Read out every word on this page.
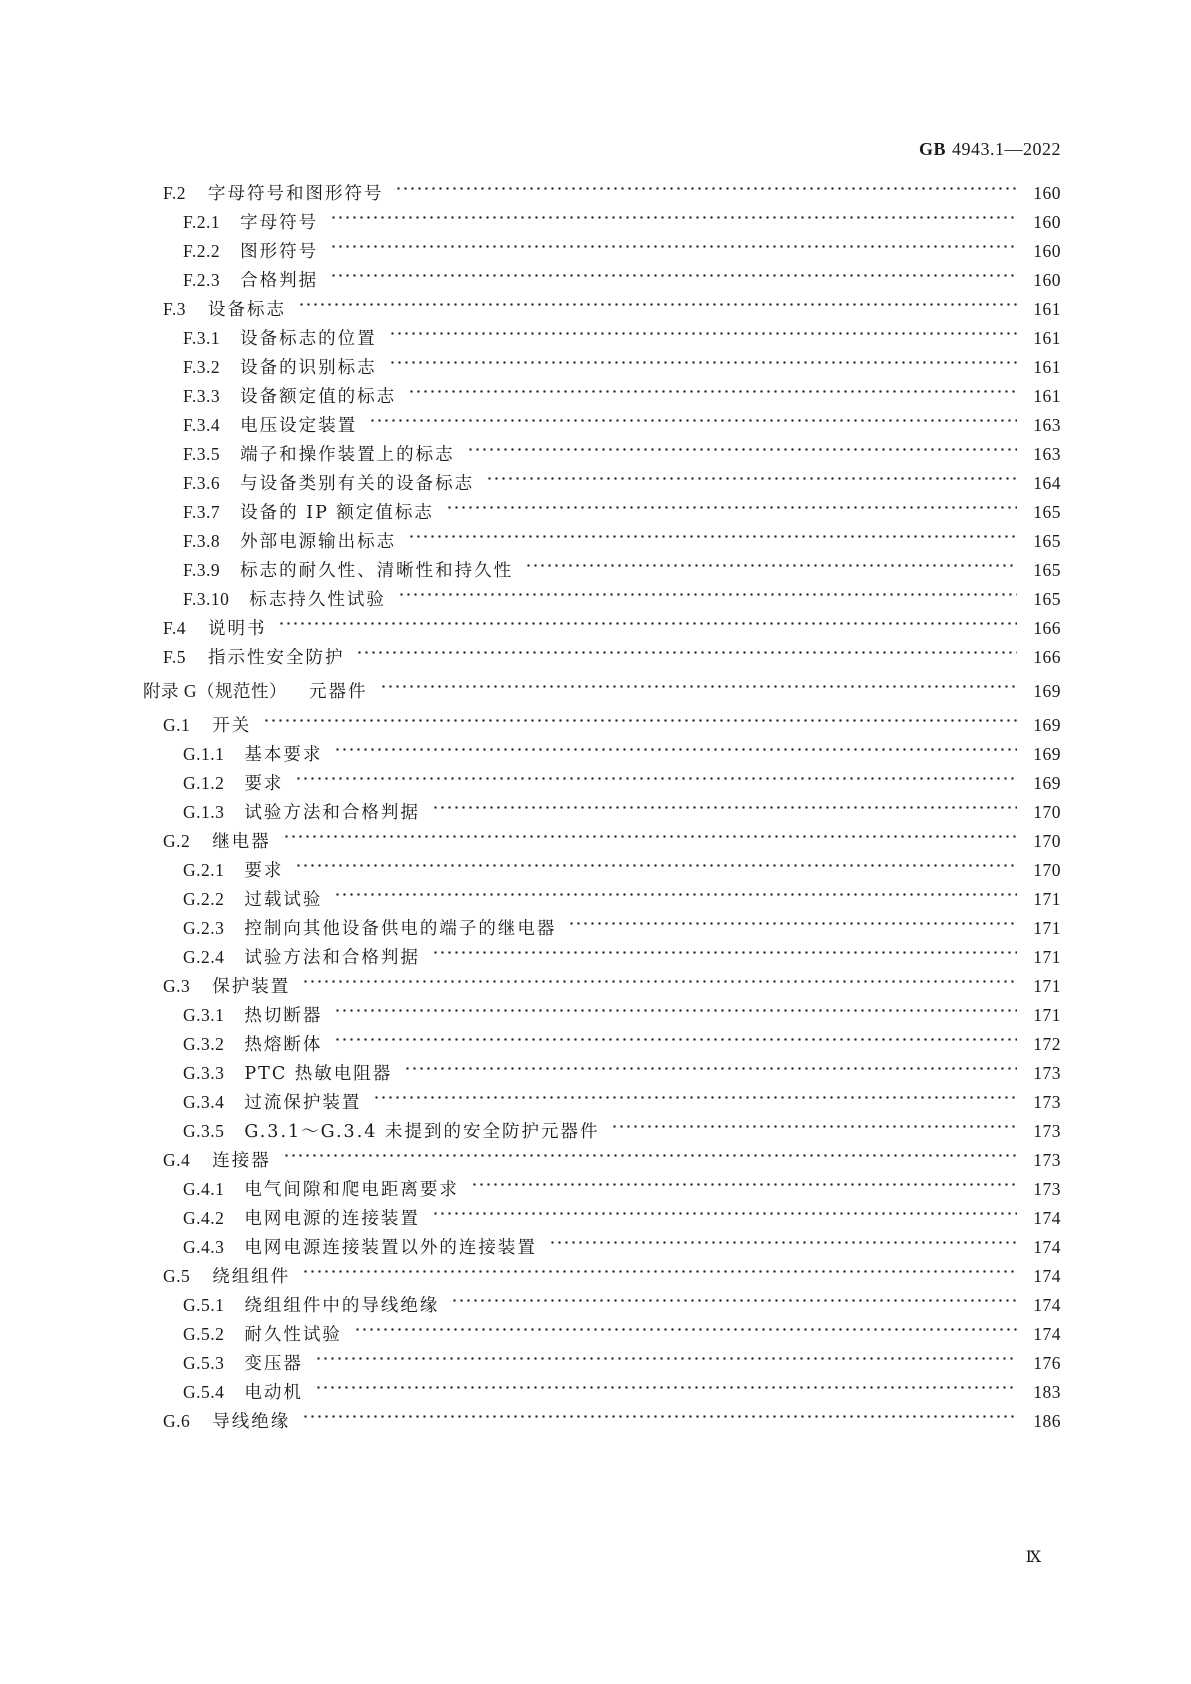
GB 4943.1—2022
F.2 字母符号和图形符号	160
F.2.1 字母符号	160
F.2.2 图形符号	160
F.2.3 合格判据	160
F.3 设备标志	161
F.3.1 设备标志的位置	161
F.3.2 设备的识别标志	161
F.3.3 设备额定值的标志	161
F.3.4 电压设定装置	163
F.3.5 端子和操作装置上的标志	163
F.3.6 与设备类别有关的设备标志	164
F.3.7 设备的 IP 额定值标志	165
F.3.8 外部电源输出标志	165
F.3.9 标志的耐久性、清晰性和持久性	165
F.3.10 标志持久性试验	165
F.4 说明书	166
F.5 指示性安全防护	166
附录 G（规范性） 元器件	169
G.1 开关	169
G.1.1 基本要求	169
G.1.2 要求	169
G.1.3 试验方法和合格判据	170
G.2 继电器	170
G.2.1 要求	170
G.2.2 过载试验	171
G.2.3 控制向其他设备供电的端子的继电器	171
G.2.4 试验方法和合格判据	171
G.3 保护装置	171
G.3.1 热切断器	171
G.3.2 热熔断体	172
G.3.3 PTC 热敏电阻器	173
G.3.4 过流保护装置	173
G.3.5 G.3.1～G.3.4 未提到的安全防护元器件	173
G.4 连接器	173
G.4.1 电气间隙和爬电距离要求	173
G.4.2 电网电源的连接装置	174
G.4.3 电网电源连接装置以外的连接装置	174
G.5 绕组组件	174
G.5.1 绕组组件中的导线绝缘	174
G.5.2 耐久性试验	174
G.5.3 变压器	176
G.5.4 电动机	183
G.6 导线绝缘	186
Ⅸ
